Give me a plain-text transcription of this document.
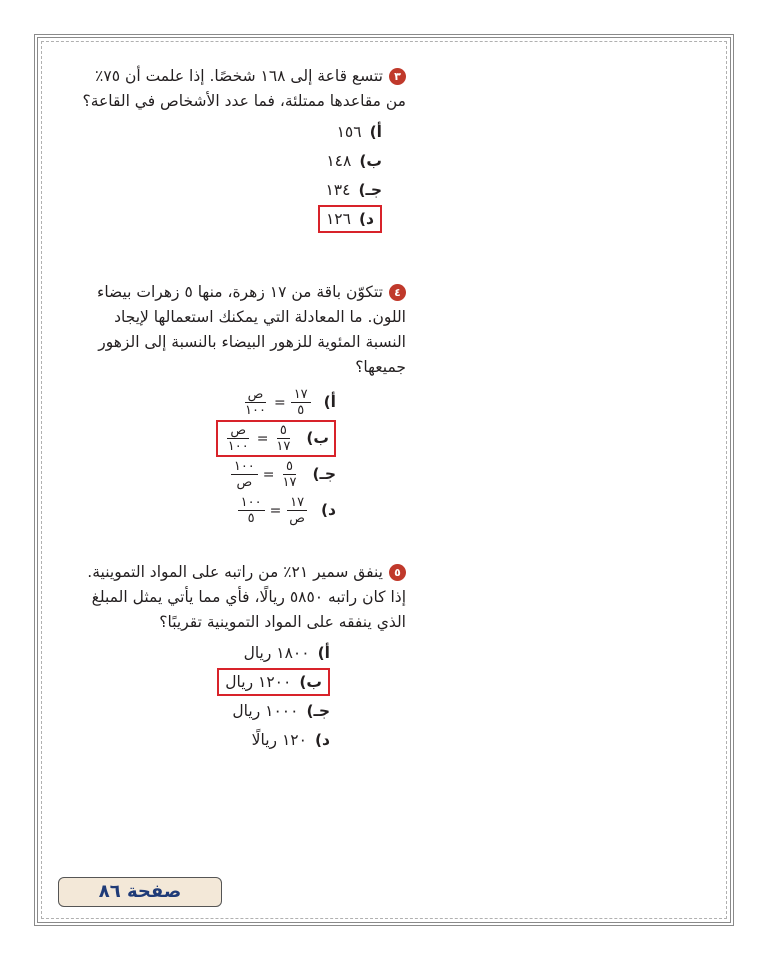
٣تتسع قاعة إلى ١٦٨ شخصًا. إذا علمت أن ٧٥٪ من مقاعدها ممتلئة، فما عدد الأشخاص في القاعة؟
أ)١٥٦
ب)١٤٨
جـ)١٣٤
د)١٢٦
٤تتكوّن باقة من ١٧ زهرة، منها ٥ زهرات بيضاء اللون. ما المعادلة التي يمكنك استعمالها لإيجاد النسبة المئوية للزهور البيضاء بالنسبة إلى الزهور جميعها؟
أ)
$\frac{١٧}{٥}$
=
$\frac{\text{ص}}{١٠٠}$
ب)
$\frac{٥}{١٧}$
=
$\frac{\text{ص}}{١٠٠}$
جـ)
$\frac{٥}{١٧}$
=
$\frac{١٠٠}{\text{ص}}$
د)
$\frac{١٧}{\text{ص}}$
=
$\frac{١٠٠}{٥}$
٥ينفق سمير ٢١٪ من راتبه على المواد التموينية. إذا كان راتبه ٥٨٥٠ ريالًا، فأي مما يأتي يمثل المبلغ الذي ينفقه على المواد التموينية تقريبًا؟
أ)١٨٠٠ ريال
ب)١٢٠٠ ريال
جـ)١٠٠٠ ريال
د)١٢٠ ريالًا
صفحة ٨٦
